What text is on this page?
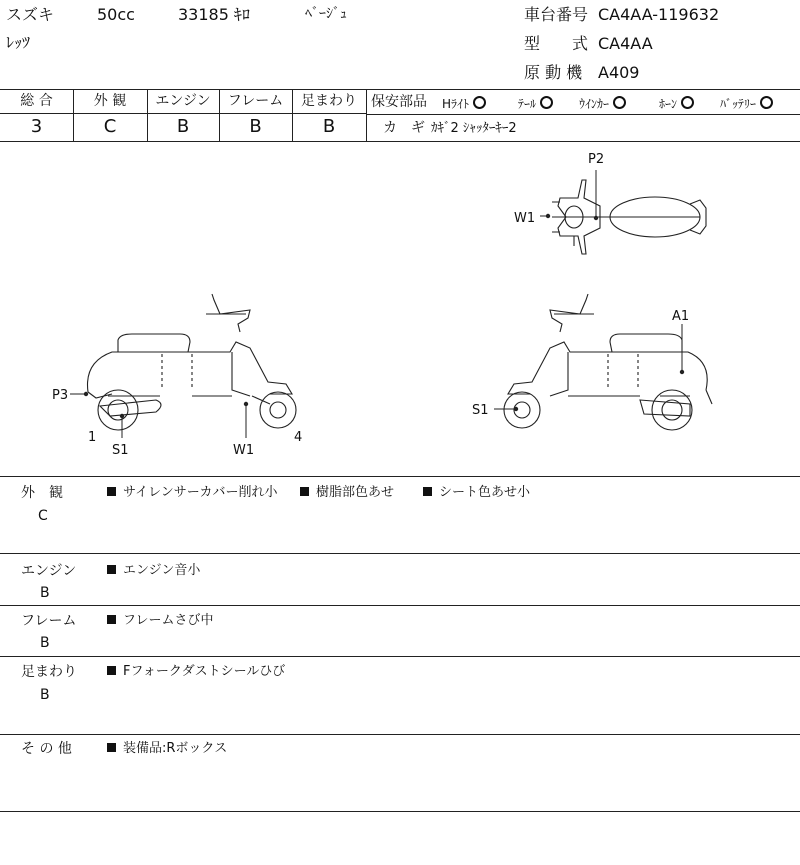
スズキ	50cc	33185 ｷﾛ	ﾍﾞｰｼﾞｭ
ﾚｯﾂ
車台番号 CA4AA-119632
型　　式 CA4AA
原 動 機 A409
総 合	外 観	エンジン	フレーム	足まわり
3	C	B	B	B
保安部品 Hﾗｲﾄ	ﾃｰﾙ	ｳｲﾝｶｰ	ﾎｰﾝ	ﾊﾞｯﾃﾘｰ
カ　ギ ｶｷﾞ2 ｼｬｯﾀｰｷｰ2
P2
W1
A1
S1
P3
1
S1	W1
4
外　観
C
サイレンサーカバー削れ小	樹脂部色あせ	シート色あせ小
エンジン
B
エンジン音小
フレーム
B
フレームさび中
足まわり
B
Fフォークダストシールひび
そ の 他	装備品:Rボックス
